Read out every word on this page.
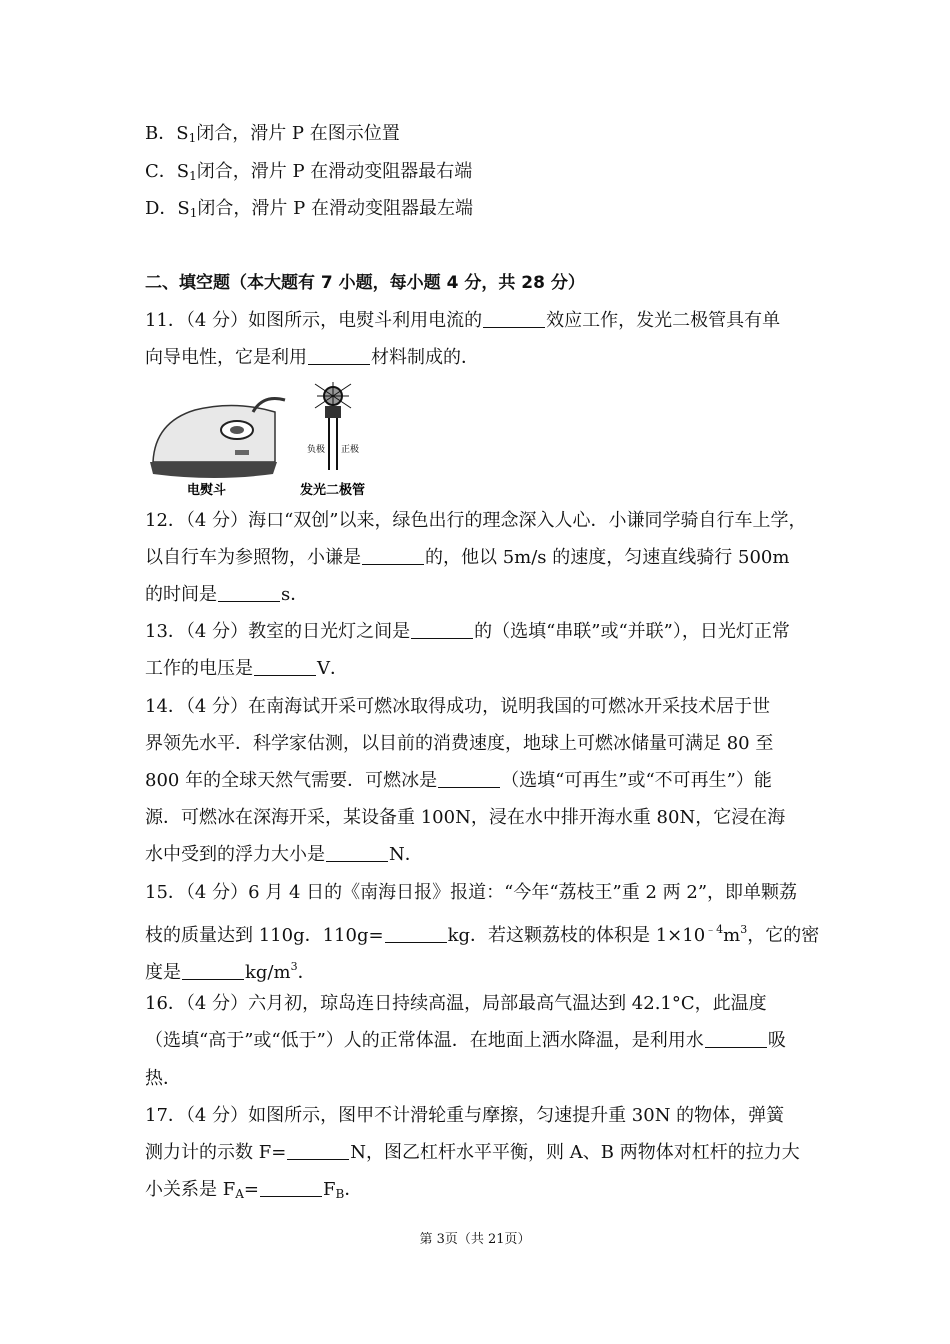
B．$S_1$闭合，滑片 P 在图示位置
C．$S_1$闭合，滑片 P 在滑动变阻器最右端
D．$S_1$闭合，滑片 P 在滑动变阻器最左端
二、填空题（本大题有 7 小题，每小题 4 分，共 28 分）
11．（4 分）如图所示，电熨斗利用电流的	效应工作，发光二极管具有单
向导电性，它是利用	材料制成的．
负极 正极
电熨斗	发光二极管
12．（4 分）海口“双创”以来，绿色出行的理念深入人心．小谦同学骑自行车上学，
以自行车为参照物，小谦是	的，他以 5m/s 的速度，匀速直线骑行 500m
的时间是	s．
13．（4 分）教室的日光灯之间是	的（选填“串联”或“并联”），日光灯正常
工作的电压是	V．
14．（4 分）在南海试开采可燃冰取得成功，说明我国的可燃冰开采技术居于世
界领先水平．科学家估测，以目前的消费速度，地球上可燃冰储量可满足 80 至
800 年的全球天然气需要．可燃冰是	（选填“可再生”或“不可再生”）能
源．可燃冰在深海开采，某设备重 100N，浸在水中排开海水重 80N，它浸在海
水中受到的浮力大小是	N．
15．（4 分）6 月 4 日的《南海日报》报道：“今年“荔枝王”重 2 两 2”，即单颗荔
枝的质量达到 110g．110g=	kg．若这颗荔枝的体积是 $1\times 10^{﹣4}m^3$，它的密
度是	$kg/m^3$．
16．（4 分）六月初，琼岛连日持续高温，局部最高气温达到 42.1°C，此温度
（选填“高于”或“低于”）人的正常体温．在地面上洒水降温，是利用水	吸
热．
17．（4 分）如图所示，图甲不计滑轮重与摩擦，匀速提升重 30N 的物体，弹簧
测力计的示数 F=	N，图乙杠杆水平平衡，则 A、B 两物体对杠杆的拉力大
小关系是 $F_A=$	$F_B$．
第 3页（共 21页）
